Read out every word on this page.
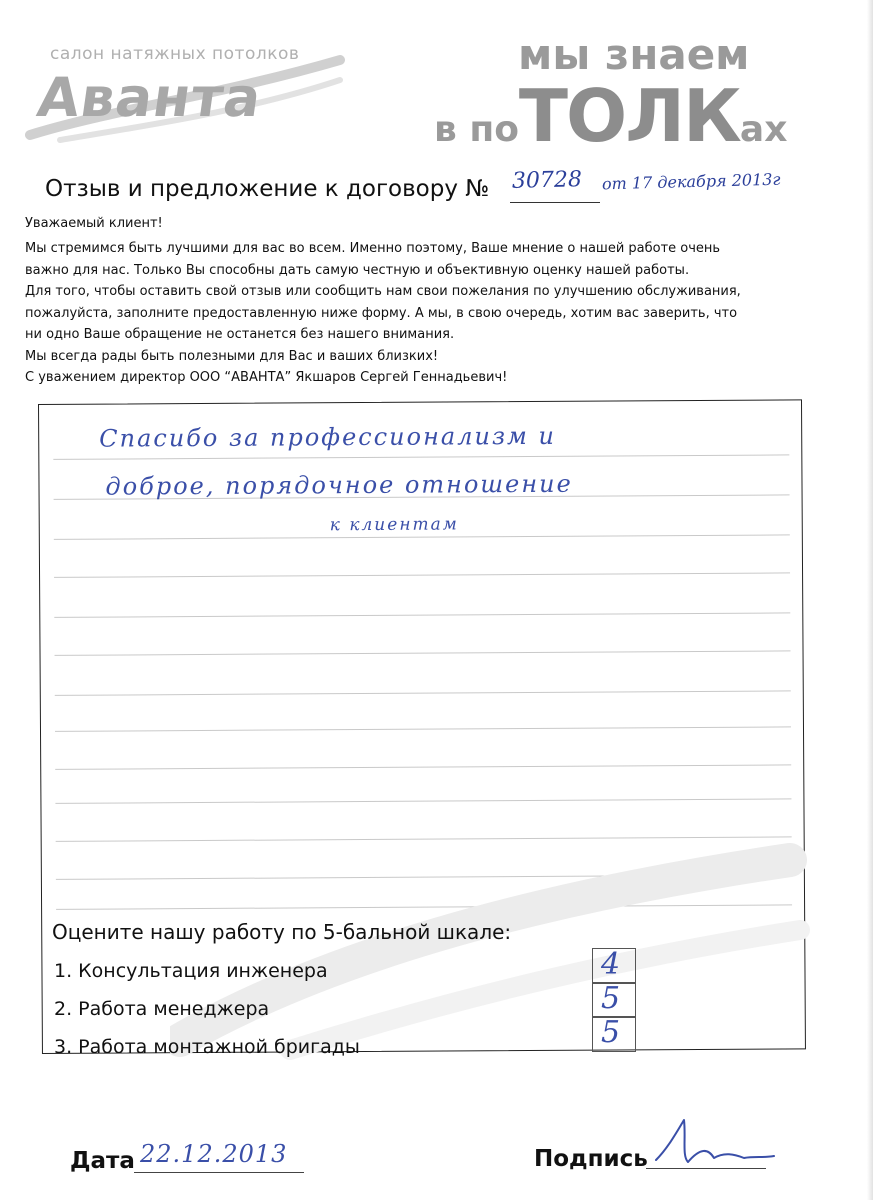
салон натяжных потолков
Аванта
мы знаем
в поТОЛКах
Отзыв и предложение к договору № 30728 от 17 декабря 2013г
Уважаемый клиент!

Мы стремимся быть лучшими для вас во всем. Именно поэтому, Ваше мнение о нашей работе очень

важно для нас. Только Вы способны дать самую честную и объективную оценку нашей работы.

Для того, чтобы оставить свой отзыв или сообщить нам свои пожелания по улучшению обслуживания,

пожалуйста, заполните предоставленную ниже форму. А мы, в свою очередь, хотим вас заверить, что

ни одно Ваше обращение не останется без нашего внимания.

Мы всегда рады быть полезными для Вас и ваших близких!

С уважением директор ООО “АВАНТА” Якшаров Сергей Геннадьевич!

Спасибо за профессионализм и
доброе, порядочное отношение
к клиентам
Оцените нашу работу по 5-бальной шкале:
1. Консультация инженера	4
2. Работа менеджера	5
3. Работа монтажной бригады	5
Дата 22.12.2013	Подпись
